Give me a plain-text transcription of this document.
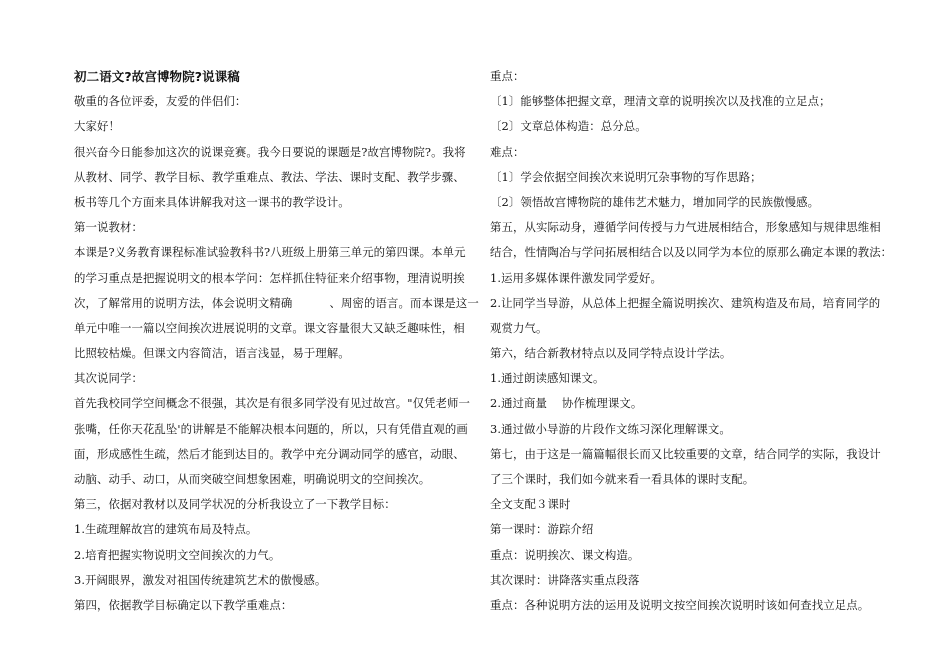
初二语文?故宫博物院?说课稿
敬重的各位评委，友爱的伴侣们：
大家好！
很兴奋今日能参加这次的说课竞赛。我今日要说的课题是?故宫博物院?。我将
从教材、同学、教学目标、教学重难点、教法、学法、课时支配、教学步骤、
板书等几个方面来具体讲解我对这一课书的教学设计。
第一说教材：
本课是?义务教育课程标准试验教科书?八班级上册第三单元的第四课。本单元
的学习重点是把握说明文的根本学问：怎样抓住特征来介绍事物，理清说明挨
次，了解常用的说明方法，体会说明文精确          、周密的语言。而本课是这一
单元中唯一一篇以空间挨次进展说明的文章。课文容量很大又缺乏趣味性，相
比照较枯燥。但课文内容简洁，语言浅显，易于理解。
其次说同学：
首先我校同学空间概念不很强，其次是有很多同学没有见过故宫。"仅凭老师一
张嘴，任你天花乱坠'的讲解是不能解决根本问题的，所以，只有凭借直观的画
面，形成感性生疏，然后才能到达目的。教学中充分调动同学的感官，动眼、
动脑、动手、动口，从而突破空间想象困难，明确说明文的空间挨次。
第三，依据对教材以及同学状况的分析我设立了一下教学目标：
1.生疏理解故宫的建筑布局及特点。
2.培育把握实物说明文空间挨次的力气。
3.开阔眼界，激发对祖国传统建筑艺术的傲慢感。
第四，依据教学目标确定以下教学重难点：
重点：
〔1〕能够整体把握文章，理清文章的说明挨次以及找准的立足点；
〔2〕文章总体构造：总分总。
难点：
〔1〕学会依据空间挨次来说明冗杂事物的写作思路；
〔2〕领悟故宫博物院的雄伟艺术魅力，增加同学的民族傲慢感。
第五，从实际动身，遵循学问传授与力气进展相结合，形象感知与规律思维相
结合，性情陶冶与学问拓展相结合以及以同学为本位的原那么确定本课的教法：
1.运用多媒体课件激发同学爱好。
2.让同学当导游，从总体上把握全篇说明挨次、建筑构造及布局，培育同学的
观赏力气。
第六，结合新教材特点以及同学特点设计学法。
1.通过朗读感知课文。
2.通过商量    协作梳理课文。
3.通过做小导游的片段作文练习深化理解课文。
第七，由于这是一篇篇幅很长而又比较重要的文章，结合同学的实际，我设计
了三个课时，我们如今就来看一看具体的课时支配。
全文支配３课时
第一课时：游踪介绍
重点：说明挨次、课文构造。
其次课时：讲降落实重点段落
重点：各种说明方法的运用及说明文按空间挨次说明时该如何查找立足点。
